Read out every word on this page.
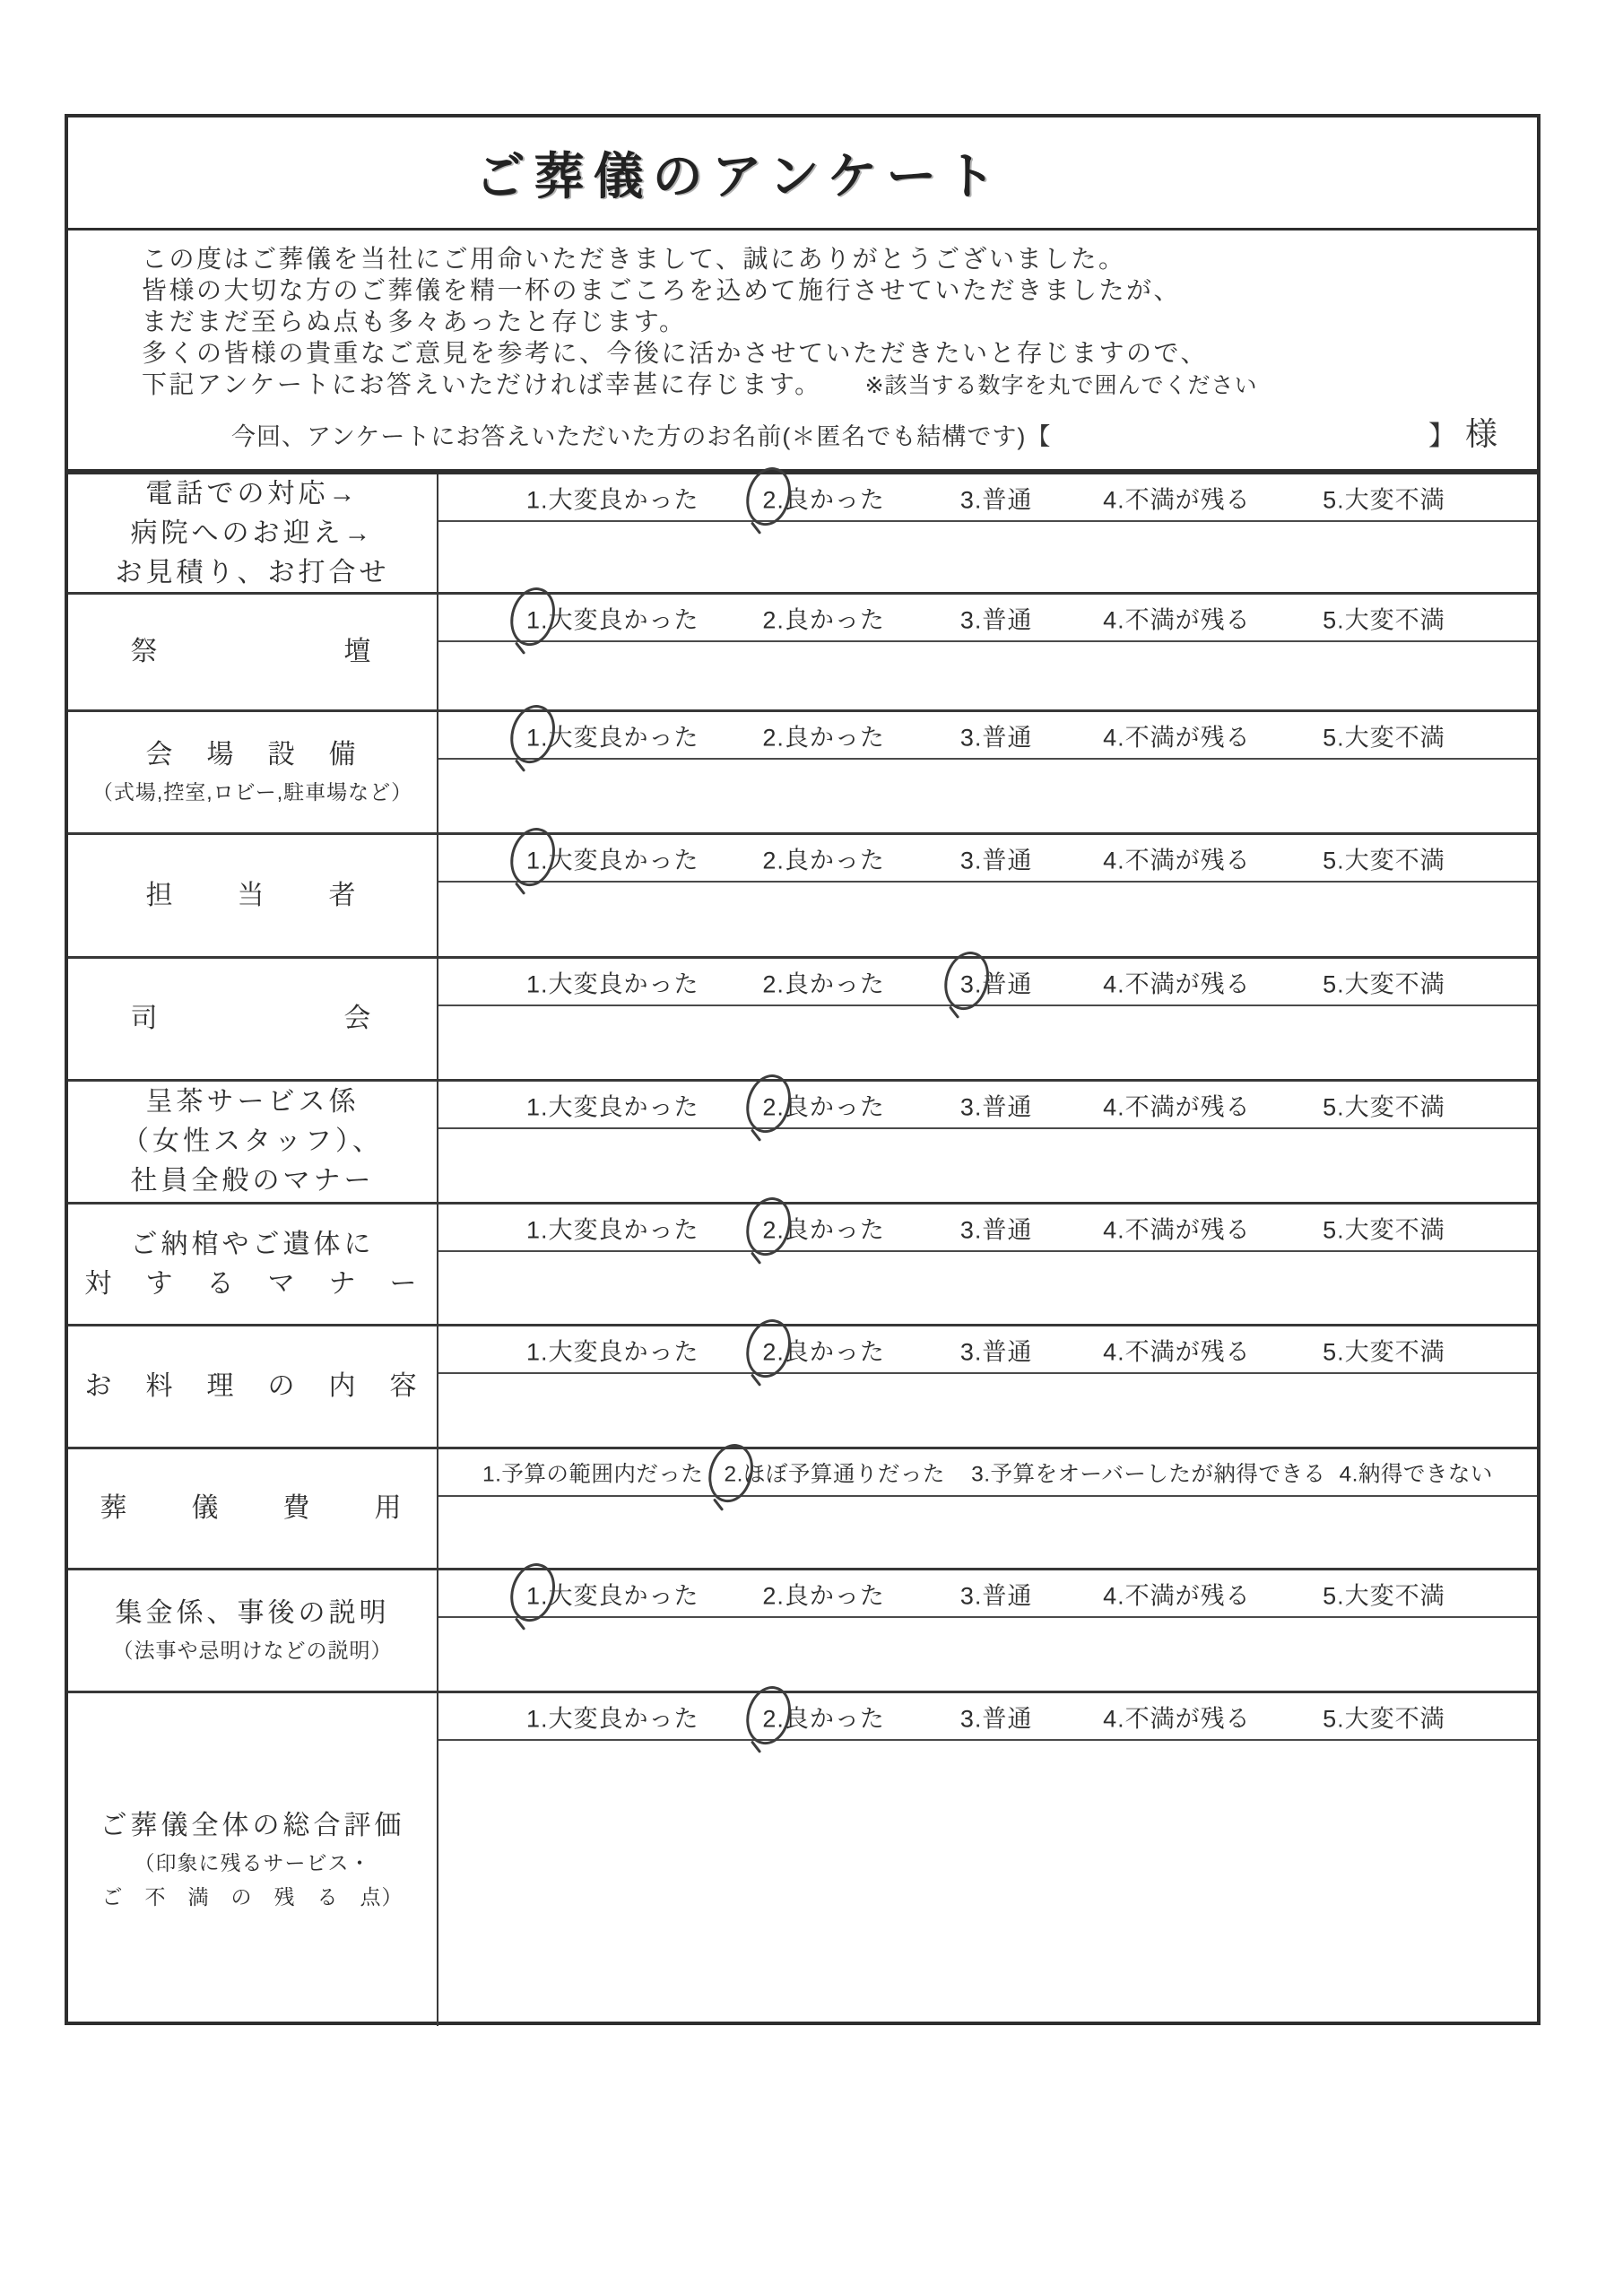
ご葬儀のアンケート

この度はご葬儀を当社にご用命いただきまして、誠にありがとうございました。

皆様の大切な方のご葬儀を精一杯のまごころを込めて施行させていただきましたが、

まだまだ至らぬ点も多々あったと存じます。

多くの皆様の貴重なご意見を参考に、今後に活かさせていただきたいと存じますので、

下記アンケートにお答えいただければ幸甚に存じます。 ※該当する数字を丸で囲んでください

今回、アンケートにお答えいただいた方のお名前(＊匿名でも結構です)【	】 様
電話での対応→
病院へのお迎え→
お見積り、お打合せ
1.大変良かった	2.良かった	3.普通	4.不満が残る	5.大変不満
祭　　　　　　壇
1.大変良かった	2.良かった	3.普通	4.不満が残る	5.大変不満
会　場　設　備
（式場,控室,ロビー,駐車場など）
1.大変良かった	2.良かった	3.普通	4.不満が残る	5.大変不満
担　　当　　者
1.大変良かった	2.良かった	3.普通	4.不満が残る	5.大変不満
司　　　　　　会
1.大変良かった	2.良かった	3.普通	4.不満が残る	5.大変不満
呈茶サービス係
（女性スタッフ）、
社員全般のマナー
1.大変良かった	2.良かった	3.普通	4.不満が残る	5.大変不満
ご納棺やご遺体に
対　す　る　マ　ナ　ー
1.大変良かった	2.良かった	3.普通	4.不満が残る	5.大変不満
お　料　理　の　内　容
1.大変良かった	2.良かった	3.普通	4.不満が残る	5.大変不満
葬　　儀　　費　　用
1.予算の範囲内だった 2.ほぼ予算通りだった 3.予算をオーバーしたが納得できる 4.納得できない
集金係、事後の説明
（法事や忌明けなどの説明）
1.大変良かった	2.良かった	3.普通	4.不満が残る	5.大変不満
ご葬儀全体の総合評価
（印象に残るサービス・
ご　不　満　の　残　る　点）
1.大変良かった	2.良かった	3.普通	4.不満が残る	5.大変不満
